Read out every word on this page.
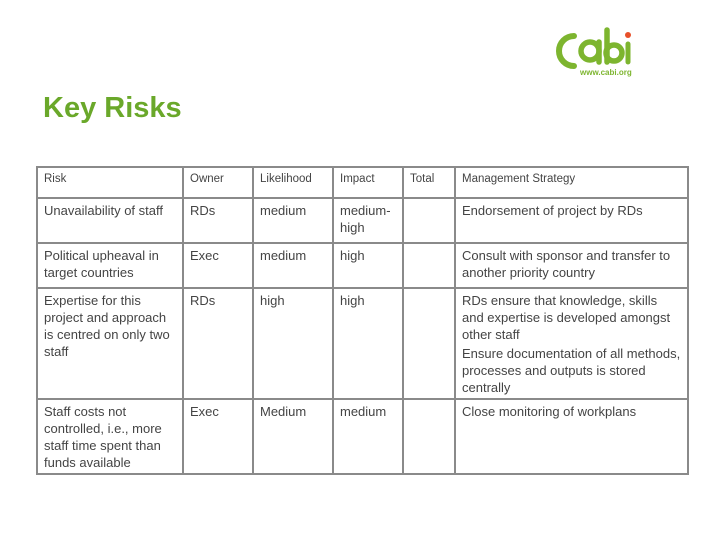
www.cabi.org
Key Risks
Risk	Owner	Likelihood	Impact	Total	Management Strategy
Unavailability of staff	RDs	medium	medium-high		Endorsement of project by RDs

Political upheaval in target countries	Exec	medium	high		Consult with sponsor and transfer to another priority country

Expertise for this project and approach is centred on only two staff	RDs	high	high		RDs ensure that knowledge, skills and expertise is developed amongst other staff
Ensure documentation of all methods, processes and outputs is stored centrally

Staff costs not controlled, i.e., more staff time spent than funds available	Exec	Medium	medium		Close monitoring of workplans
